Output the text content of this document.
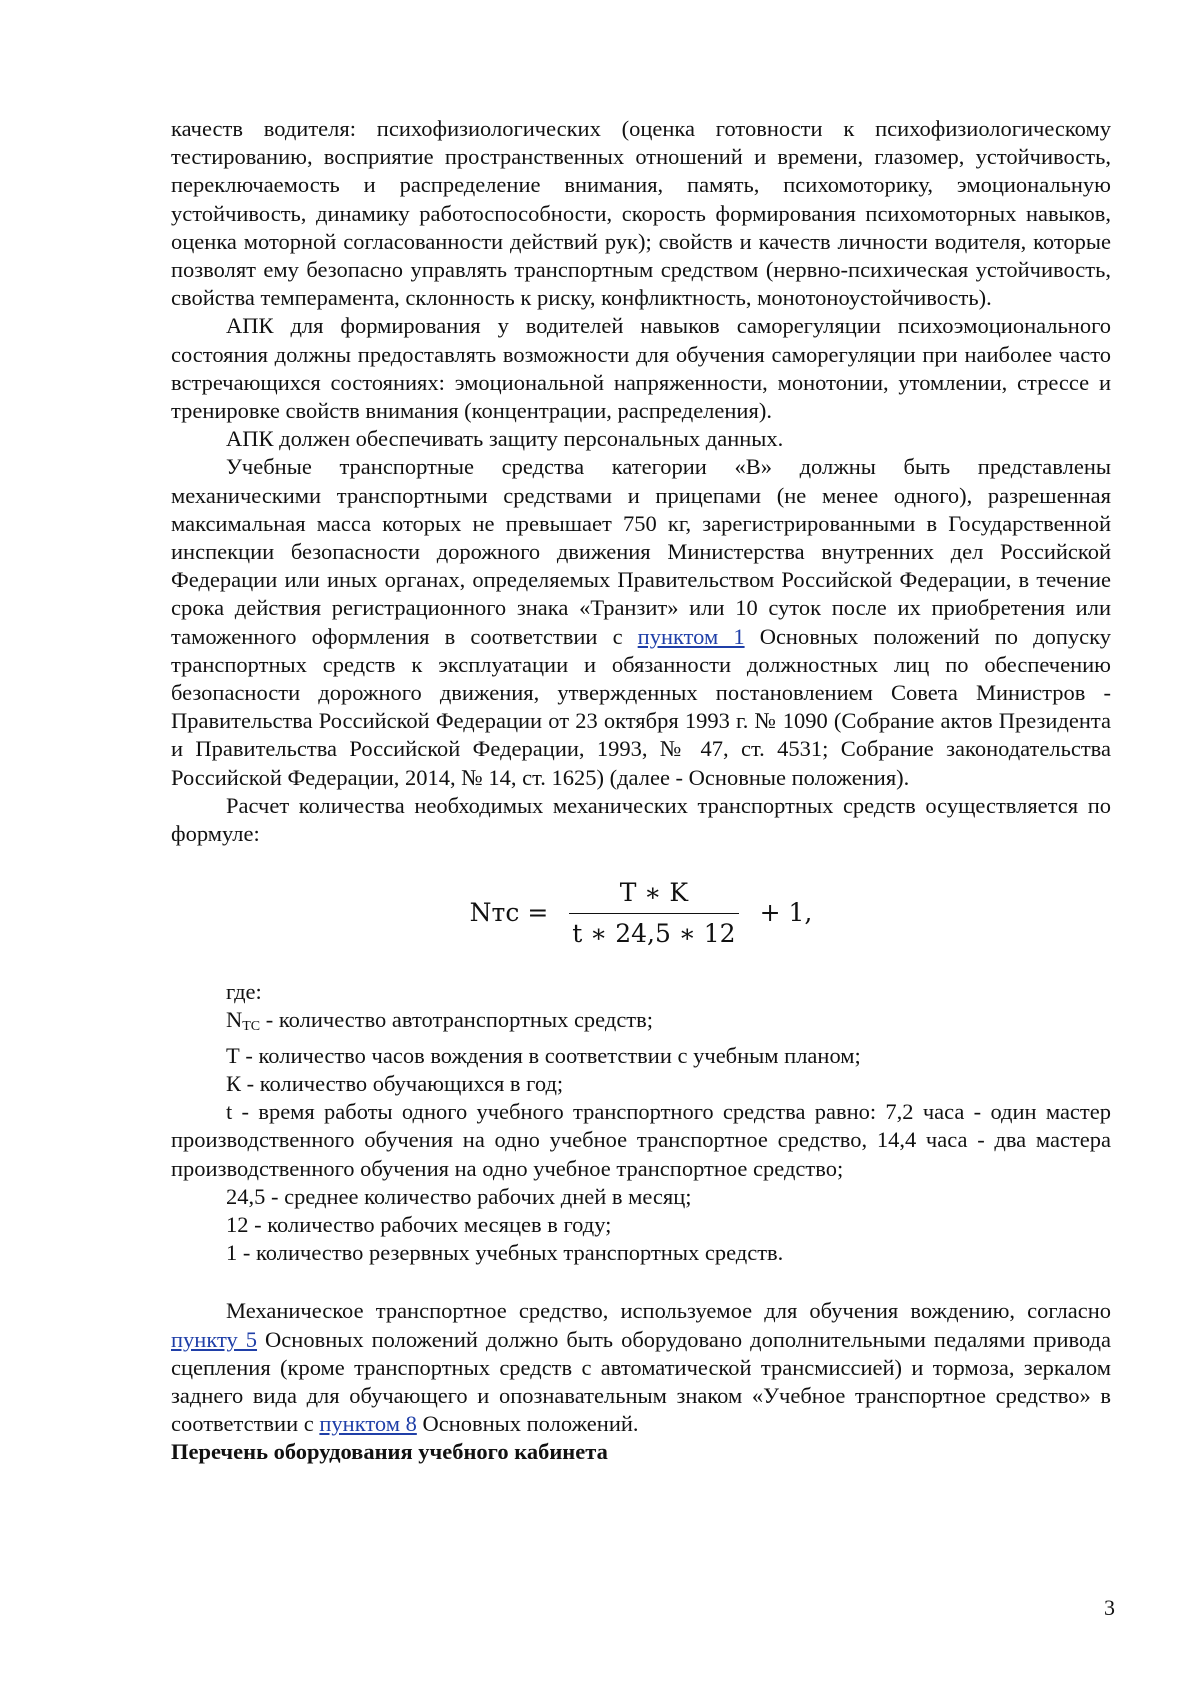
качеств водителя: психофизиологических (оценка готовности к психофизиологическому тестированию, восприятие пространственных отношений и времени, глазомер, устойчивость, переключаемость и распределение внимания, память, психомоторику, эмоциональную устойчивость, динамику работоспособности, скорость формирования психомоторных навыков, оценка моторной согласованности действий рук); свойств и качеств личности водителя, которые позволят ему безопасно управлять транспортным средством (нервно-психическая устойчивость, свойства темперамента, склонность к риску, конфликтность, монотоноустойчивость).

АПК для формирования у водителей навыков саморегуляции психоэмоционального состояния должны предоставлять возможности для обучения саморегуляции при наиболее часто встречающихся состояниях: эмоциональной напряженности, монотонии, утомлении, стрессе и тренировке свойств внимания (концентрации, распределения).

АПК должен обеспечивать защиту персональных данных.

Учебные транспортные средства категории «В» должны быть представлены механическими транспортными средствами и прицепами (не менее одного), разрешенная максимальная масса которых не превышает 750 кг, зарегистрированными в Государственной инспекции безопасности дорожного движения Министерства внутренних дел Российской Федерации или иных органах, определяемых Правительством Российской Федерации, в течение срока действия регистрационного знака «Транзит» или 10 суток после их приобретения или таможенного оформления в соответствии с пунктом 1 Основных положений по допуску транспортных средств к эксплуатации и обязанности должностных лиц по обеспечению безопасности дорожного движения, утвержденных постановлением Совета Министров - Правительства Российской Федерации от 23 октября 1993 г. № 1090 (Собрание актов Президента и Правительства Российской Федерации, 1993, № 47, ст. 4531; Собрание законодательства Российской Федерации, 2014, № 14, ст. 1625) (далее - Основные положения).

Расчет количества необходимых механических транспортных средств осуществляется по формуле:

Nтс = $\frac{T ∗ K}{t ∗ 24,5 ∗ 12} + 1$,

где:

$N_{ТС}$ - количество автотранспортных средств;

Т - количество часов вождения в соответствии с учебным планом;

К - количество обучающихся в год;

t - время работы одного учебного транспортного средства равно: 7,2 часа - один мастер производственного обучения на одно учебное транспортное средство, 14,4 часа - два мастера производственного обучения на одно учебное транспортное средство;

24,5 - среднее количество рабочих дней в месяц;

12 - количество рабочих месяцев в году;

1 - количество резервных учебных транспортных средств.

Механическое транспортное средство, используемое для обучения вождению, согласно пункту 5 Основных положений должно быть оборудовано дополнительными педалями привода сцепления (кроме транспортных средств с автоматической трансмиссией) и тормоза, зеркалом заднего вида для обучающего и опознавательным знаком «Учебное транспортное средство» в соответствии с пунктом 8 Основных положений.

Перечень оборудования учебного кабинета

3
